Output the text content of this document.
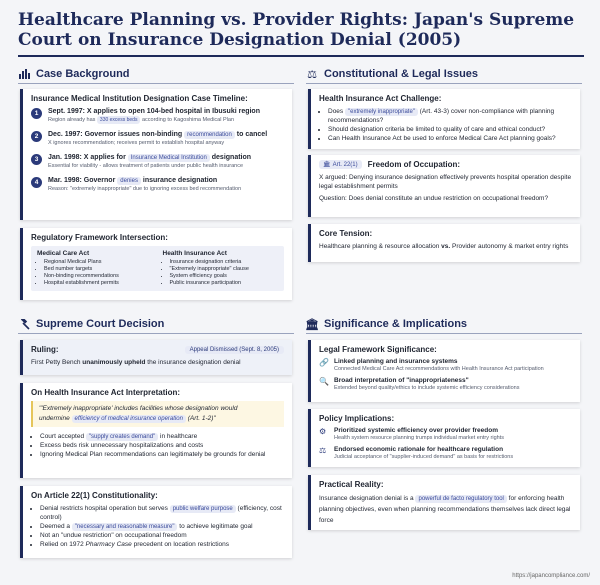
Healthcare Planning vs. Provider Rights: Japan's Supreme Court on Insurance Designation Denial (2005)
Case Background
Insurance Medical Institution Designation Case Timeline:
1	Sept. 1997: X applies to open 104-bed hospital in Ibusuki region
Region already has 330 excess beds according to Kagoshima Medical Plan
2	Dec. 1997: Governor issues non-binding recommendation to cancel
X ignores recommendation; receives permit to establish hospital anyway
3	Jan. 1998: X applies for Insurance Medical Institution designation
Essential for viability - allows treatment of patients under public health insurance
4	Mar. 1998: Governor denies insurance designation
Reason: "extremely inappropriate" due to ignoring excess bed recommendation
Regulatory Framework Intersection:
Medical Care Act
• Regional Medical Plans
• Bed number targets
• Non-binding recommendations
• Hospital establishment permits
Health Insurance Act
• Insurance designation criteria
• "Extremely inappropriate" clause
• System efficiency goals
• Public insurance participation
⚖ Constitutional & Legal Issues
Health Insurance Act Challenge:
• Does "extremely inappropriate" (Art. 43-3) cover non-compliance with planning recommendations?
• Should designation criteria be limited to quality of care and ethical conduct?
• Can Health Insurance Act be used to enforce Medical Care Act planning goals?
🏛 Art. 22(1) Freedom of Occupation:
X argued: Denying insurance designation effectively prevents hospital operation despite legal establishment permits
Question: Does denial constitute an undue restriction on occupational freedom?
Core Tension:
Healthcare planning & resource allocation vs. Provider autonomy & market entry rights
Supreme Court Decision
Ruling:	Appeal Dismissed (Sept. 8, 2005)
First Petty Bench unanimously upheld the insurance designation denial
On Health Insurance Act Interpretation:
"'Extremely inappropriate' includes facilities whose designation would
undermine efficiency of medical insurance operation (Art. 1-2)"
• Court accepted "supply creates demand" in healthcare
• Excess beds risk unnecessary hospitalizations and costs
• Ignoring Medical Plan recommendations can legitimately be grounds for denial
On Article 22(1) Constitutionality:
• Denial restricts hospital operation but serves public welfare purpose (efficiency, cost control)
• Deemed a "necessary and reasonable measure" to achieve legitimate goal
• Not an "undue restriction" on occupational freedom
• Relied on 1972 Pharmacy Case precedent on location restrictions
🏛 Significance & Implications
Legal Framework Significance:
🔗 Linked planning and insurance systems
Connected Medical Care Act recommendations with Health Insurance Act participation
🔍 Broad interpretation of "inappropriateness"
Extended beyond quality/ethics to include systemic efficiency considerations
Policy Implications:
⚙ Prioritized systemic efficiency over provider freedom
Health system resource planning trumps individual market entry rights
⚖ Endorsed economic rationale for healthcare regulation
Judicial acceptance of "supplier-induced demand" as basis for restrictions
Practical Reality:
Insurance designation denial is a powerful de facto regulatory tool for enforcing health planning objectives, even when planning recommendations themselves lack direct legal force
https://japancompliance.com/
